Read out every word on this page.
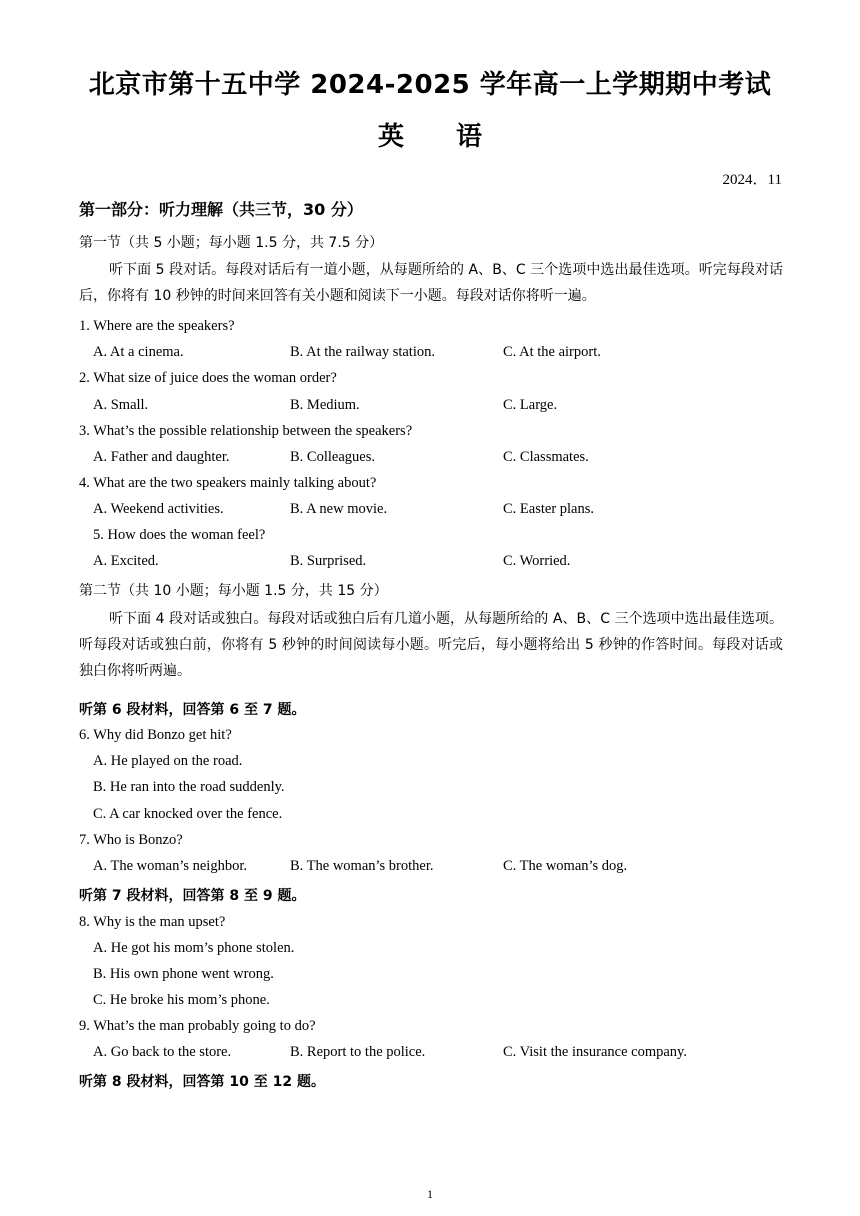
北京市第十五中学 2024-2025 学年高一上学期期中考试
英 语
2024．11
第一部分：听力理解（共三节，30 分）
第一节（共 5 小题；每小题 1.5 分，共 7.5 分）
听下面 5 段对话。每段对话后有一道小题，从每题所给的 A、B、C 三个选项中选出最佳选项。听完每段对话后，你将有 10 秒钟的时间来回答有关小题和阅读下一小题。每段对话你将听一遍。
1. Where are the speakers?
A. At a cinema.	B. At the railway station.	C. At the airport.
2. What size of juice does the woman order?
A. Small.	B. Medium.	C. Large.
3. What’s the possible relationship between the speakers?
A. Father and daughter.	B. Colleagues.	C. Classmates.
4. What are the two speakers mainly talking about?
A. Weekend activities.	B. A new movie.	C. Easter plans.
5. How does the woman feel?
A. Excited.	B. Surprised.	C. Worried.
第二节（共 10 小题；每小题 1.5 分，共 15 分）
听下面 4 段对话或独白。每段对话或独白后有几道小题，从每题所给的 A、B、C 三个选项中选出最佳选项。听每段对话或独白前，你将有 5 秒钟的时间阅读每小题。听完后，每小题将给出 5 秒钟的作答时间。每段对话或独白你将听两遍。
听第 6 段材料，回答第 6 至 7 题。
6. Why did Bonzo get hit?
A. He played on the road.
B. He ran into the road suddenly.
C. A car knocked over the fence.
7. Who is Bonzo?
A. The woman’s neighbor.	B. The woman’s brother.	C. The woman’s dog.
听第 7 段材料，回答第 8 至 9 题。
8. Why is the man upset?
A. He got his mom’s phone stolen.
B. His own phone went wrong.
C. He broke his mom’s phone.
9. What’s the man probably going to do?
A. Go back to the store.	B. Report to the police.	C. Visit the insurance company.
听第 8 段材料，回答第 10 至 12 题。
1
